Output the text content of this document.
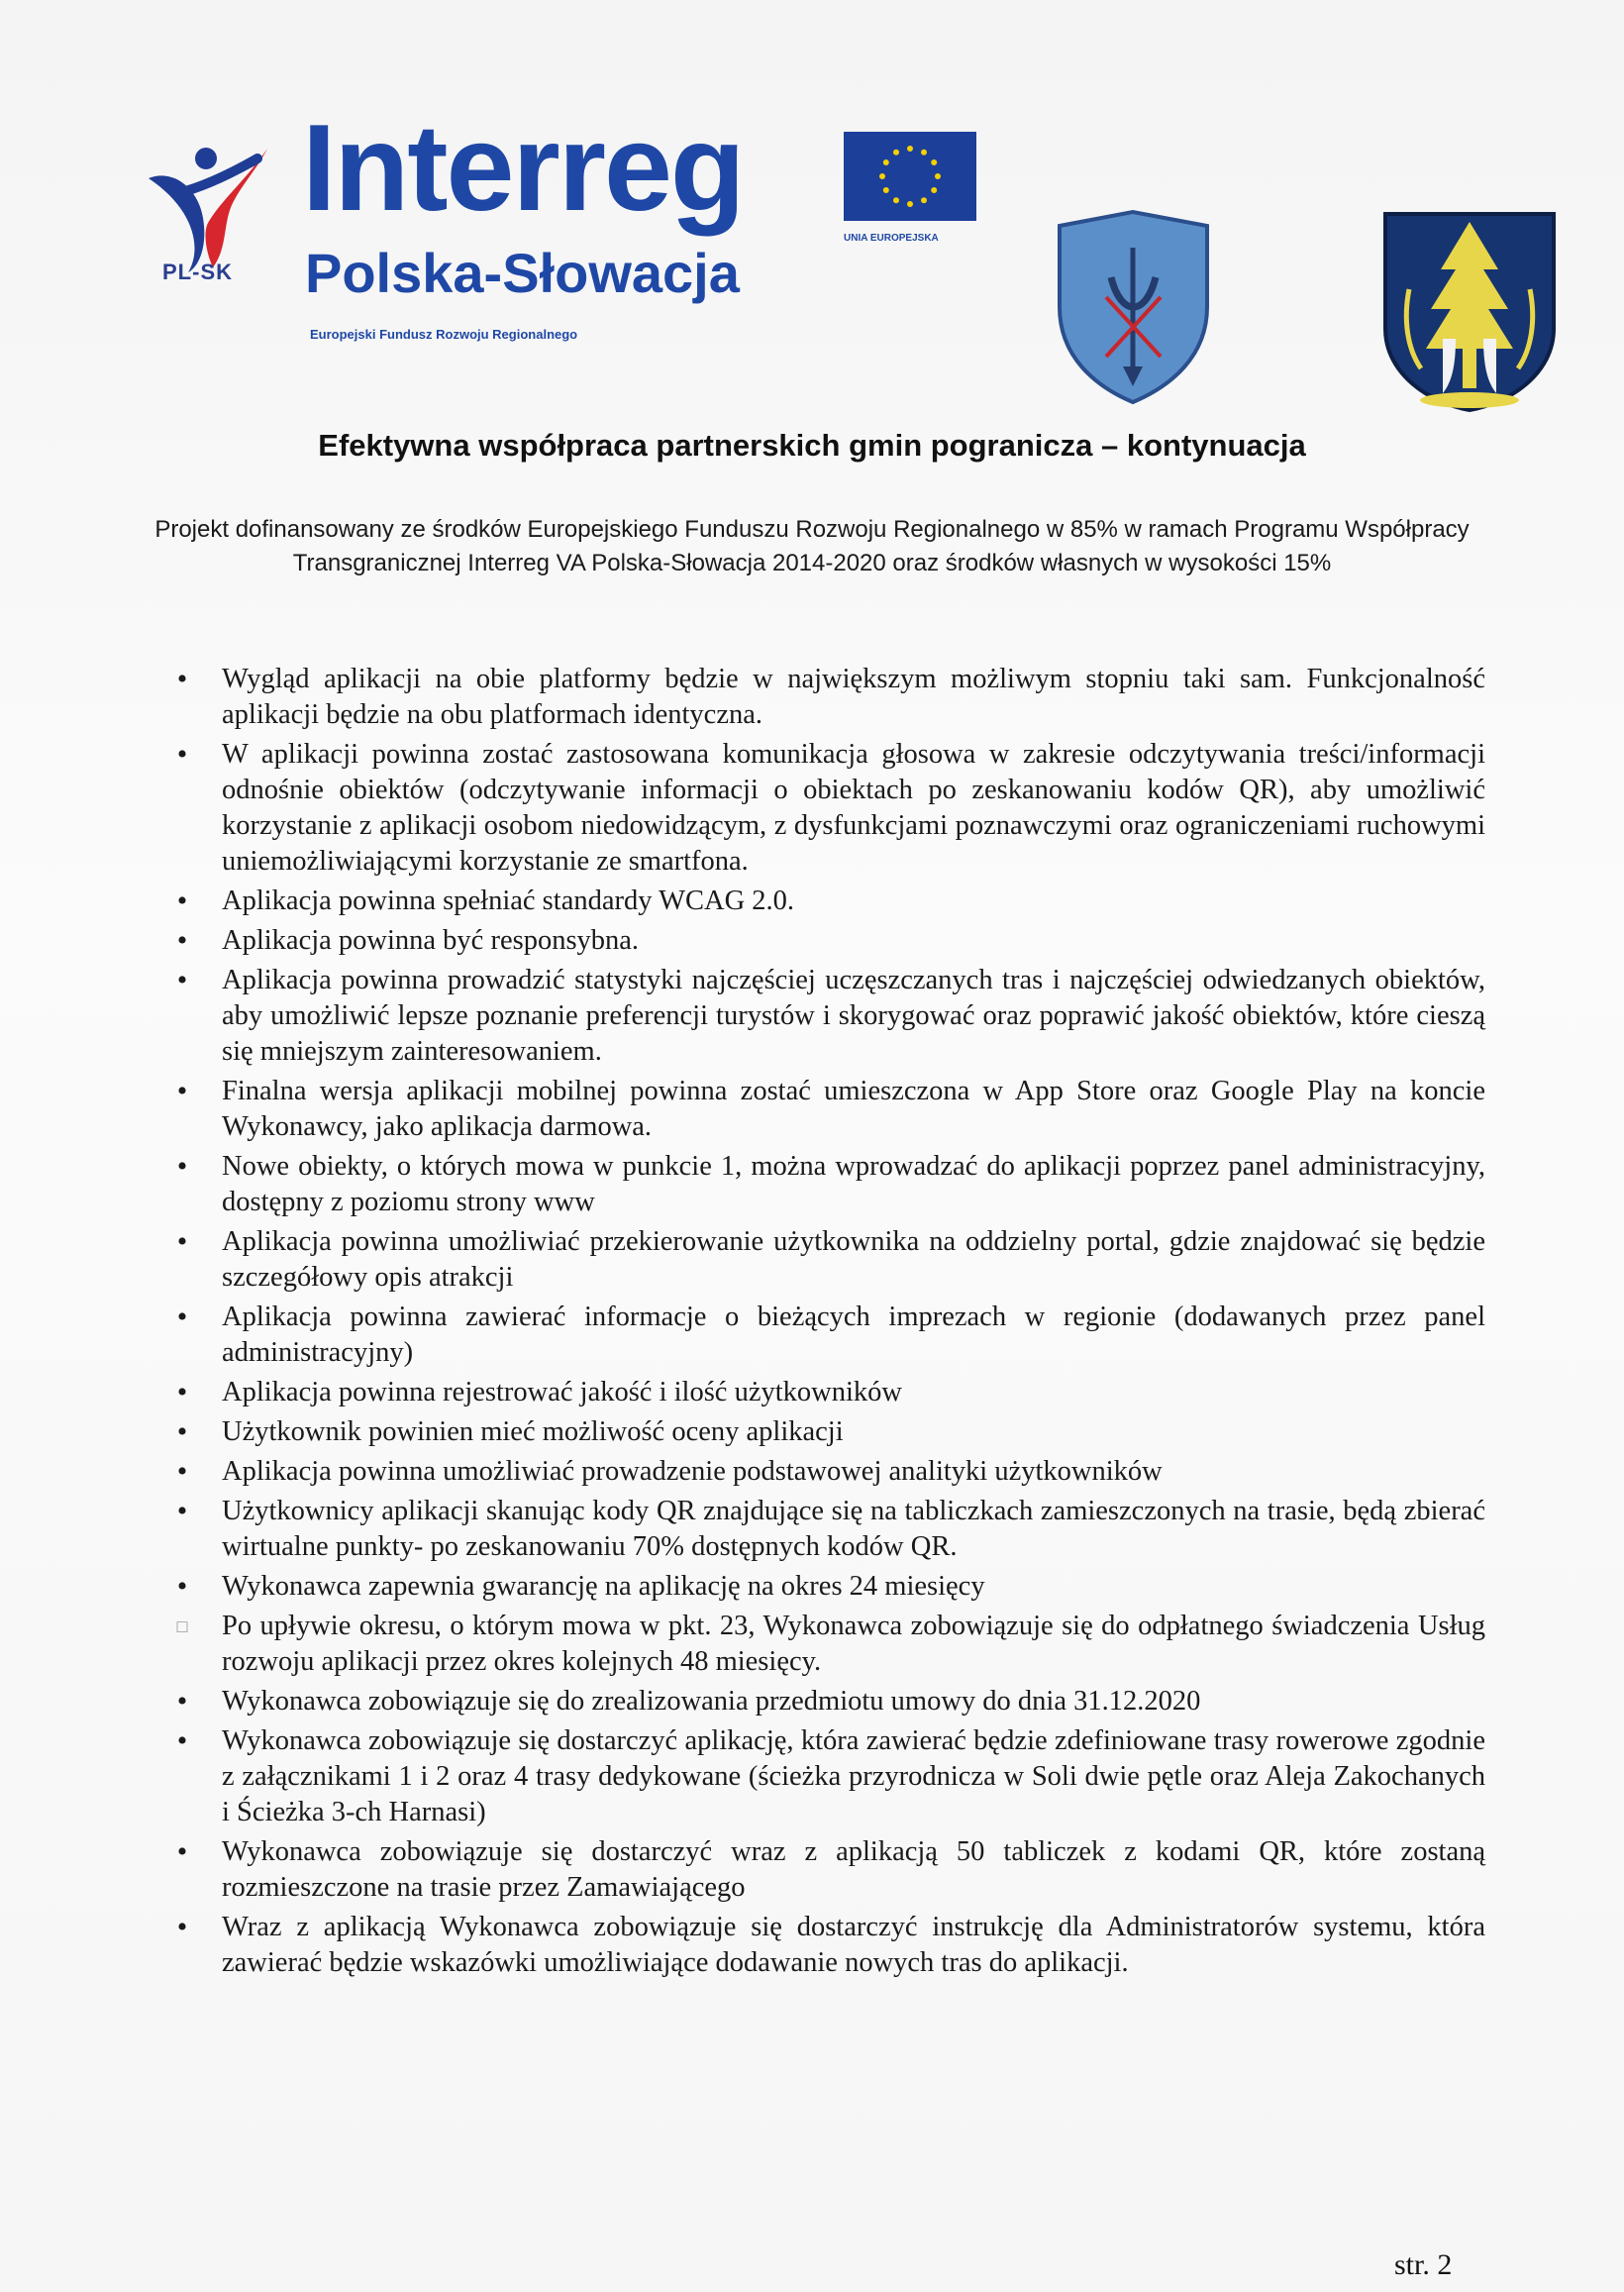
PL-SK
Interreg
Polska-Słowacja
Europejski Fundusz Rozwoju Regionalnego
UNIA EUROPEJSKA
Efektywna współpraca partnerskich gmin pogranicza – kontynuacja
Projekt dofinansowany ze środków Europejskiego Funduszu Rozwoju Regionalnego w 85% w ramach Programu Współpracy Transgranicznej Interreg VA Polska-Słowacja 2014-2020 oraz środków własnych w wysokości 15%
• Wygląd aplikacji na obie platformy będzie w największym możliwym stopniu taki sam. Funkcjonalność aplikacji będzie na obu platformach identyczna.
• W aplikacji powinna zostać zastosowana komunikacja głosowa w zakresie odczytywania treści/informacji odnośnie obiektów (odczytywanie informacji o obiektach po zeskanowaniu kodów QR), aby umożliwić korzystanie z aplikacji osobom niedowidzącym, z dysfunkcjami poznawczymi oraz ograniczeniami ruchowymi uniemożliwiającymi korzystanie ze smartfona.
• Aplikacja powinna spełniać standardy WCAG 2.0.
• Aplikacja powinna być responsybna.
• Aplikacja powinna prowadzić statystyki najczęściej uczęszczanych tras i najczęściej odwiedzanych obiektów, aby umożliwić lepsze poznanie preferencji turystów i skorygować oraz poprawić jakość obiektów, które cieszą się mniejszym zainteresowaniem.
• Finalna wersja aplikacji mobilnej powinna zostać umieszczona w App Store oraz Google Play na koncie Wykonawcy, jako aplikacja darmowa.
• Nowe obiekty, o których mowa w punkcie 1, można wprowadzać do aplikacji poprzez panel administracyjny, dostępny z poziomu strony www
• Aplikacja powinna umożliwiać przekierowanie użytkownika na oddzielny portal, gdzie znajdować się będzie szczegółowy opis atrakcji
• Aplikacja powinna zawierać informacje o bieżących imprezach w regionie (dodawanych przez panel administracyjny)
• Aplikacja powinna rejestrować jakość i ilość użytkowników
• Użytkownik powinien mieć możliwość oceny aplikacji
• Aplikacja powinna umożliwiać prowadzenie podstawowej analityki użytkowników
• Użytkownicy aplikacji skanując kody QR znajdujące się na tabliczkach zamieszczonych na trasie, będą zbierać wirtualne punkty- po zeskanowaniu 70% dostępnych kodów QR.
• Wykonawca zapewnia gwarancję na aplikację na okres 24 miesięcy
□ Po upływie okresu, o którym mowa w pkt. 23, Wykonawca zobowiązuje się do odpłatnego świadczenia Usług rozwoju aplikacji przez okres kolejnych 48 miesięcy.
• Wykonawca zobowiązuje się do zrealizowania przedmiotu umowy do dnia 31.12.2020
• Wykonawca zobowiązuje się dostarczyć aplikację, która zawierać będzie zdefiniowane trasy rowerowe zgodnie z załącznikami 1 i 2 oraz 4 trasy dedykowane (ścieżka przyrodnicza w Soli dwie pętle oraz Aleja Zakochanych i Ścieżka 3-ch Harnasi)
• Wykonawca zobowiązuje się dostarczyć wraz z aplikacją 50 tabliczek z kodami QR, które zostaną rozmieszczone na trasie przez Zamawiającego
• Wraz z aplikacją Wykonawca zobowiązuje się dostarczyć instrukcję dla Administratorów systemu, która zawierać będzie wskazówki umożliwiające dodawanie nowych tras do aplikacji.
str. 2
